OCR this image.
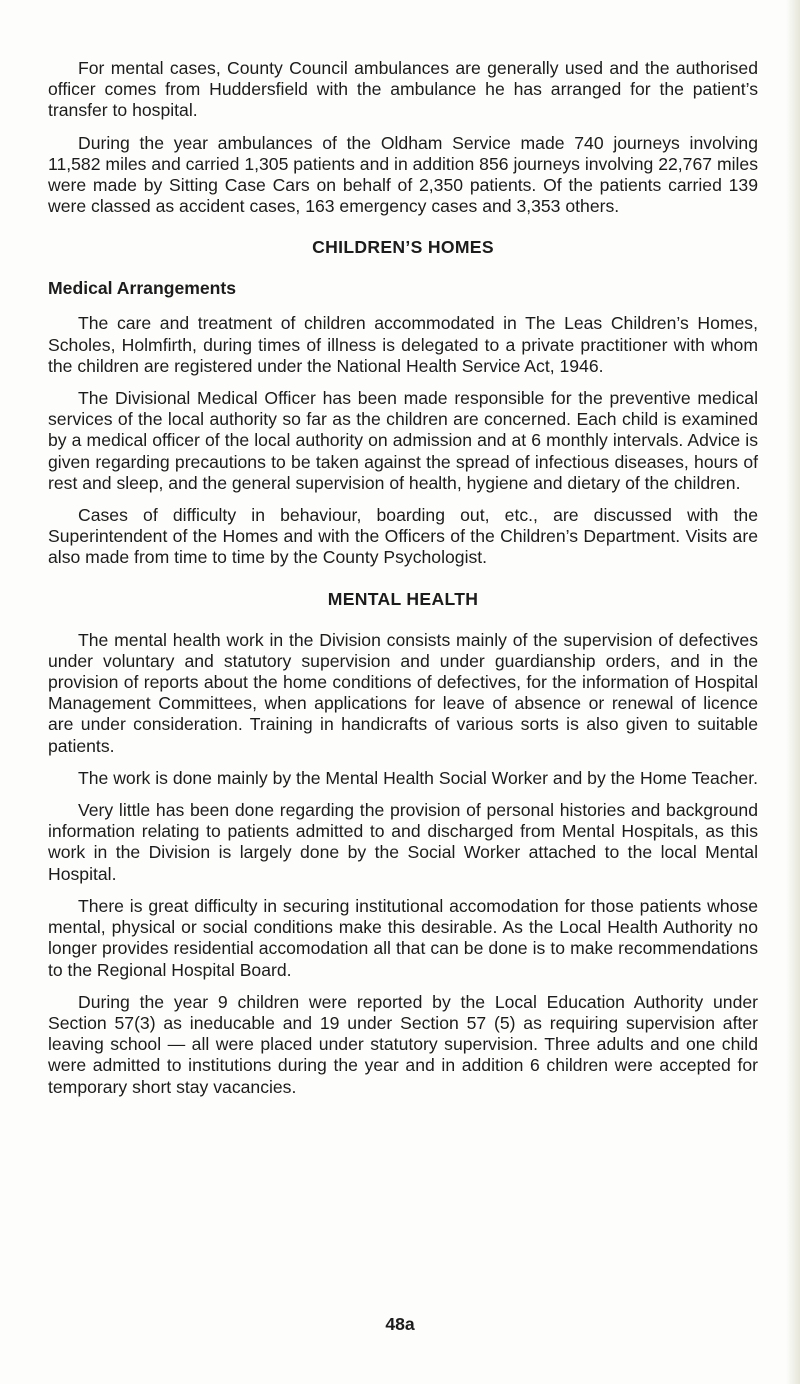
For mental cases, County Council ambulances are generally used and the authorised officer comes from Huddersfield with the ambulance he has arranged for the patient’s transfer to hospital.

During the year ambulances of the Oldham Service made 740 journeys involving 11,582 miles and carried 1,305 patients and in addition 856 journeys involving 22,767 miles were made by Sitting Case Cars on behalf of 2,350 patients. Of the patients carried 139 were classed as accident cases, 163 emergency cases and 3,353 others.

CHILDREN’S HOMES
Medical Arrangements

The care and treatment of children accommodated in The Leas Children’s Homes, Scholes, Holmfirth, during times of illness is delegated to a private practitioner with whom the children are registered under the National Health Service Act, 1946.

The Divisional Medical Officer has been made responsible for the preventive medical services of the local authority so far as the children are concerned. Each child is examined by a medical officer of the local authority on admission and at 6 monthly intervals. Advice is given regarding precautions to be taken against the spread of infectious diseases, hours of rest and sleep, and the general supervision of health, hygiene and dietary of the children.

Cases of difficulty in behaviour, boarding out, etc., are discussed with the Superintendent of the Homes and with the Officers of the Children’s Department. Visits are also made from time to time by the County Psychologist.

MENTAL HEALTH

The mental health work in the Division consists mainly of the supervision of defectives under voluntary and statutory supervision and under guardianship orders, and in the provision of reports about the home conditions of defectives, for the information of Hospital Management Committees, when applications for leave of absence or renewal of licence are under consideration. Training in handicrafts of various sorts is also given to suitable patients.

The work is done mainly by the Mental Health Social Worker and by the Home Teacher.

Very little has been done regarding the provision of personal histories and background information relating to patients admitted to and discharged from Mental Hospitals, as this work in the Division is largely done by the Social Worker attached to the local Mental Hospital.

There is great difficulty in securing institutional accomodation for those patients whose mental, physical or social conditions make this desirable. As the Local Health Authority no longer provides residential accomodation all that can be done is to make recommendations to the Regional Hospital Board.

During the year 9 children were reported by the Local Education Authority under Section 57(3) as ineducable and 19 under Section 57 (5) as requiring supervision after leaving school — all were placed under statutory supervision. Three adults and one child were admitted to institutions during the year and in addition 6 children were accepted for temporary short stay vacancies.

48a
